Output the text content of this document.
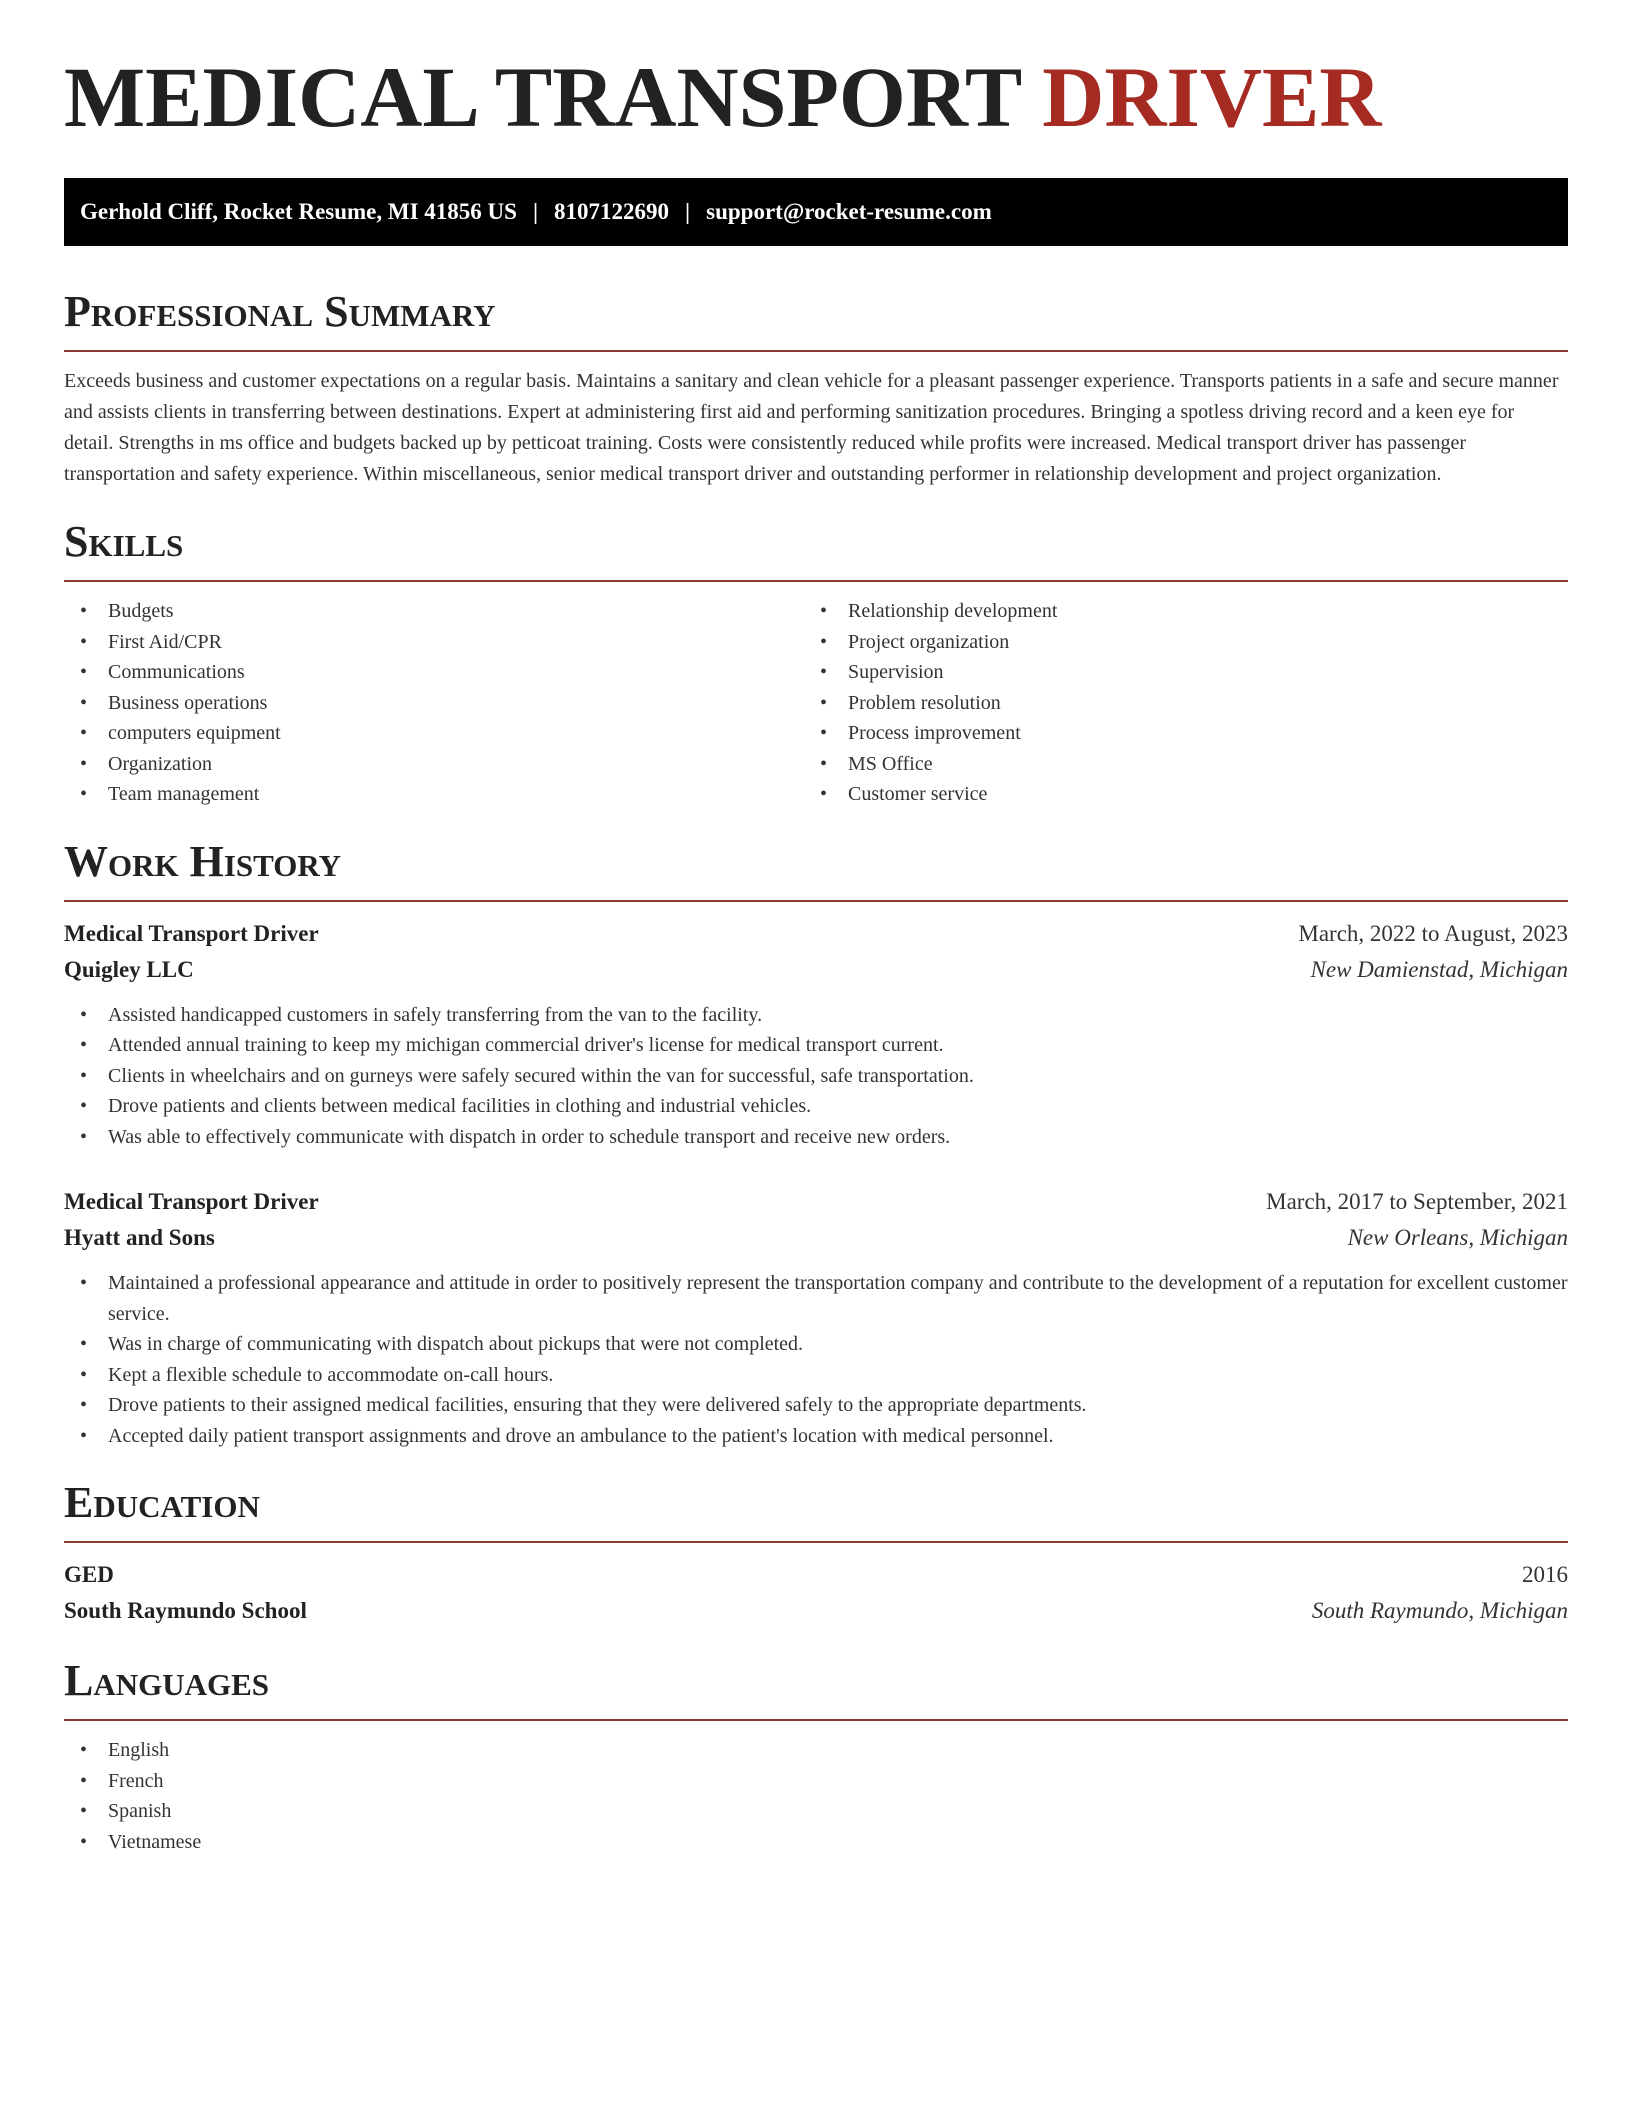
MEDICAL TRANSPORT DRIVER
Gerhold Cliff, Rocket Resume, MI 41856 US | 8107122690 | support@rocket-resume.com
Professional Summary

Exceeds business and customer expectations on a regular basis. Maintains a sanitary and clean vehicle for a pleasant passenger experience. Transports patients in a safe and secure manner and assists clients in transferring between destinations. Expert at administering first aid and performing sanitization procedures. Bringing a spotless driving record and a keen eye for detail. Strengths in ms office and budgets backed up by petticoat training. Costs were consistently reduced while profits were increased. Medical transport driver has passenger transportation and safety experience. Within miscellaneous, senior medical transport driver and outstanding performer in relationship development and project organization.

Skills
• Budgets
• First Aid/CPR
• Communications
• Business operations
• computers equipment
• Organization
• Team management
• Relationship development
• Project organization
• Supervision
• Problem resolution
• Process improvement
• MS Office
• Customer service
Work History
Medical Transport Driver	March, 2022 to August, 2023
Quigley LLC	New Damienstad, Michigan
• Assisted handicapped customers in safely transferring from the van to the facility.
• Attended annual training to keep my michigan commercial driver's license for medical transport current.
• Clients in wheelchairs and on gurneys were safely secured within the van for successful, safe transportation.
• Drove patients and clients between medical facilities in clothing and industrial vehicles.
• Was able to effectively communicate with dispatch in order to schedule transport and receive new orders.
Medical Transport Driver	March, 2017 to September, 2021
Hyatt and Sons	New Orleans, Michigan
• Maintained a professional appearance and attitude in order to positively represent the transportation company and contribute to the development of a reputation for excellent customer service.
• Was in charge of communicating with dispatch about pickups that were not completed.
• Kept a flexible schedule to accommodate on-call hours.
• Drove patients to their assigned medical facilities, ensuring that they were delivered safely to the appropriate departments.
• Accepted daily patient transport assignments and drove an ambulance to the patient's location with medical personnel.
Education
GED	2016
South Raymundo School	South Raymundo, Michigan
Languages
• English
• French
• Spanish
• Vietnamese
